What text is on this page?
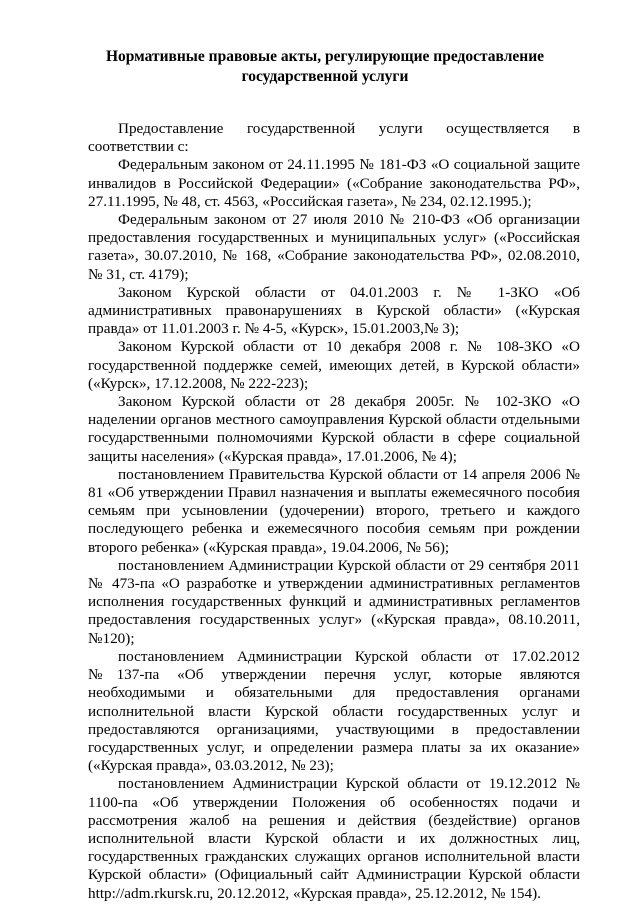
Нормативные правовые акты, регулирующие предоставление государственной услуги

Предоставление государственной услуги осуществляется в соответствии с:

Федеральным законом от 24.11.1995 № 181-ФЗ «О социальной защите инвалидов в Российской Федерации» («Собрание законодательства РФ», 27.11.1995, № 48, ст. 4563, «Российская газета», № 234, 02.12.1995.);

Федеральным законом от 27 июля 2010 № 210-ФЗ «Об организации предоставления государственных и муниципальных услуг» («Российская газета», 30.07.2010, № 168, «Собрание законодательства РФ», 02.08.2010, № 31, ст. 4179);

Законом Курской области от 04.01.2003 г. № 1-ЗКО «Об административных правонарушениях в Курской области» («Курская правда» от 11.01.2003 г. № 4-5, «Курск», 15.01.2003,№ 3);

Законом Курской области от 10 декабря 2008 г. № 108-ЗКО «О государственной поддержке семей, имеющих детей, в Курской области» («Курск», 17.12.2008, № 222-223);

Законом Курской области от 28 декабря 2005г. № 102-ЗКО «О наделении органов местного самоуправления Курской области отдельными государственными полномочиями Курской области в сфере социальной защиты населения» («Курская правда», 17.01.2006, № 4);

постановлением Правительства Курской области от 14 апреля 2006 № 81 «Об утверждении Правил назначения и выплаты ежемесячного пособия семьям при усыновлении (удочерении) второго, третьего и каждого последующего ребенка и ежемесячного пособия семьям при рождении второго ребенка» («Курская правда», 19.04.2006, № 56);

постановлением Администрации Курской области от 29 сентября 2011 № 473-па «О разработке и утверждении административных регламентов исполнения государственных функций и административных регламентов предоставления государственных услуг» («Курская правда», 08.10.2011, №120);

постановлением Администрации Курской области от 17.02.2012 №137-па «Об утверждении перечня услуг, которые являются необходимыми и обязательными для предоставления органами исполнительной власти Курской области государственных услуг и предоставляются организациями, участвующими в предоставлении государственных услуг, и определении размера платы за их оказание» («Курская правда», 03.03.2012, № 23);

постановлением Администрации Курской области от 19.12.2012 № 1100-па «Об утверждении Положения об особенностях подачи и рассмотрения жалоб на решения и действия (бездействие) органов исполнительной власти Курской области и их должностных лиц, государственных гражданских служащих органов исполнительной власти Курской области» (Официальный сайт Администрации Курской области http://adm.rkursk.ru, 20.12.2012, «Курская правда», 25.12.2012, № 154).
